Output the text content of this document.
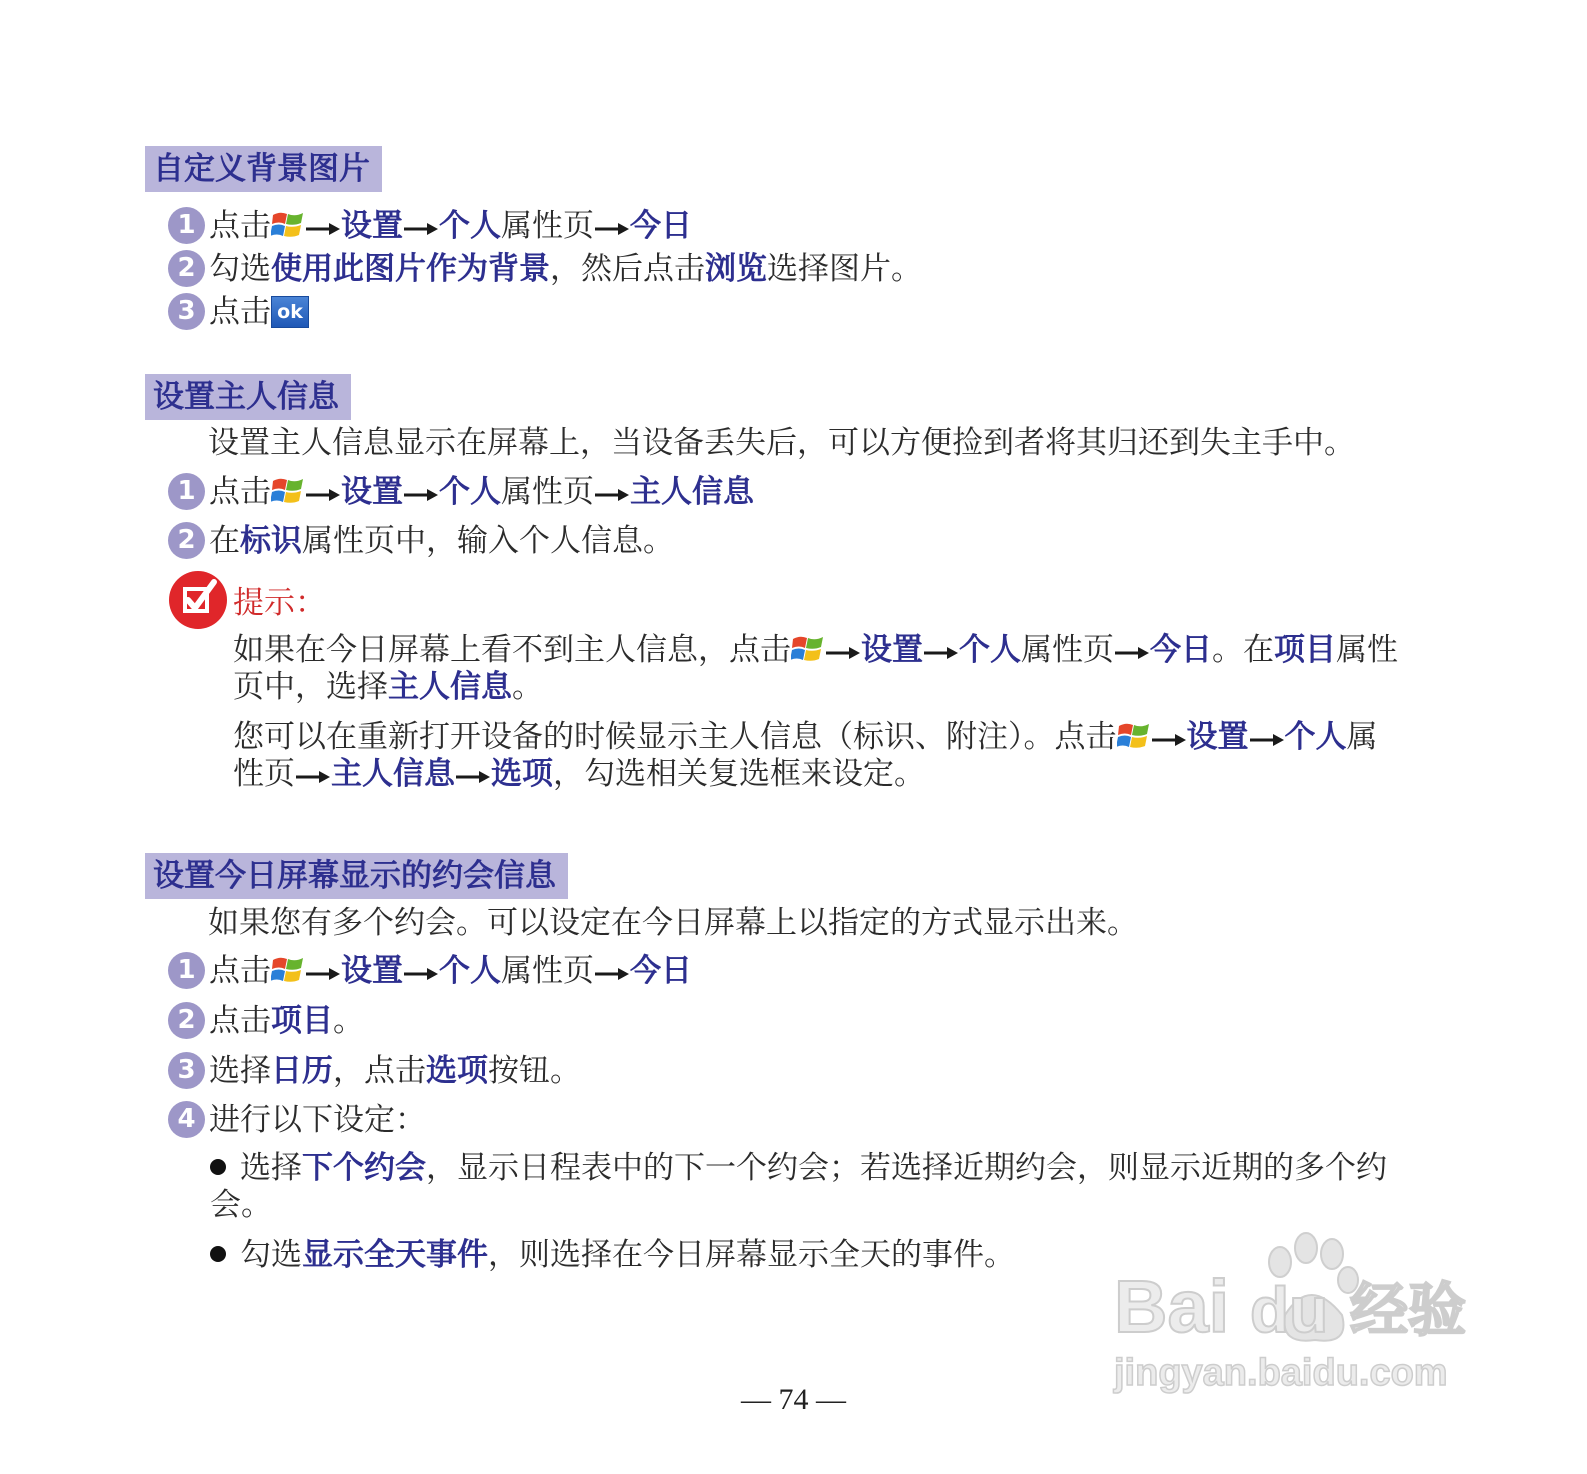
自定义背景图片
1 点击 设置 个人属性页 今日
2 勾选使用此图片作为背景，然后点击浏览选择图片。
3 点击 ok
设置主人信息
设置主人信息显示在屏幕上，当设备丢失后，可以方便捡到者将其归还到失主手中。
1 点击 设置 个人属性页 主人信息
2 在标识属性页中，输入个人信息。
提示：
如果在今日屏幕上看不到主人信息，点击 设置 个人属性页 今日。在项目属性
页中，选择主人信息。
您可以在重新打开设备的时候显示主人信息（标识、附注）。点击 设置 个人属
性页 主人信息 选项，勾选相关复选框来设定。
设置今日屏幕显示的约会信息
如果您有多个约会。可以设定在今日屏幕上以指定的方式显示出来。
1 点击 设置 个人属性页 今日
2 点击项目。
3 选择日历，点击选项按钮。
4 进行以下设定：
选择下个约会，显示日程表中的下一个约会；若选择近期约会，则显示近期的多个约
会。
勾选显示全天事件，则选择在今日屏幕显示全天的事件。
Bai du 经验
jingyan.baidu.com
— 74 —
